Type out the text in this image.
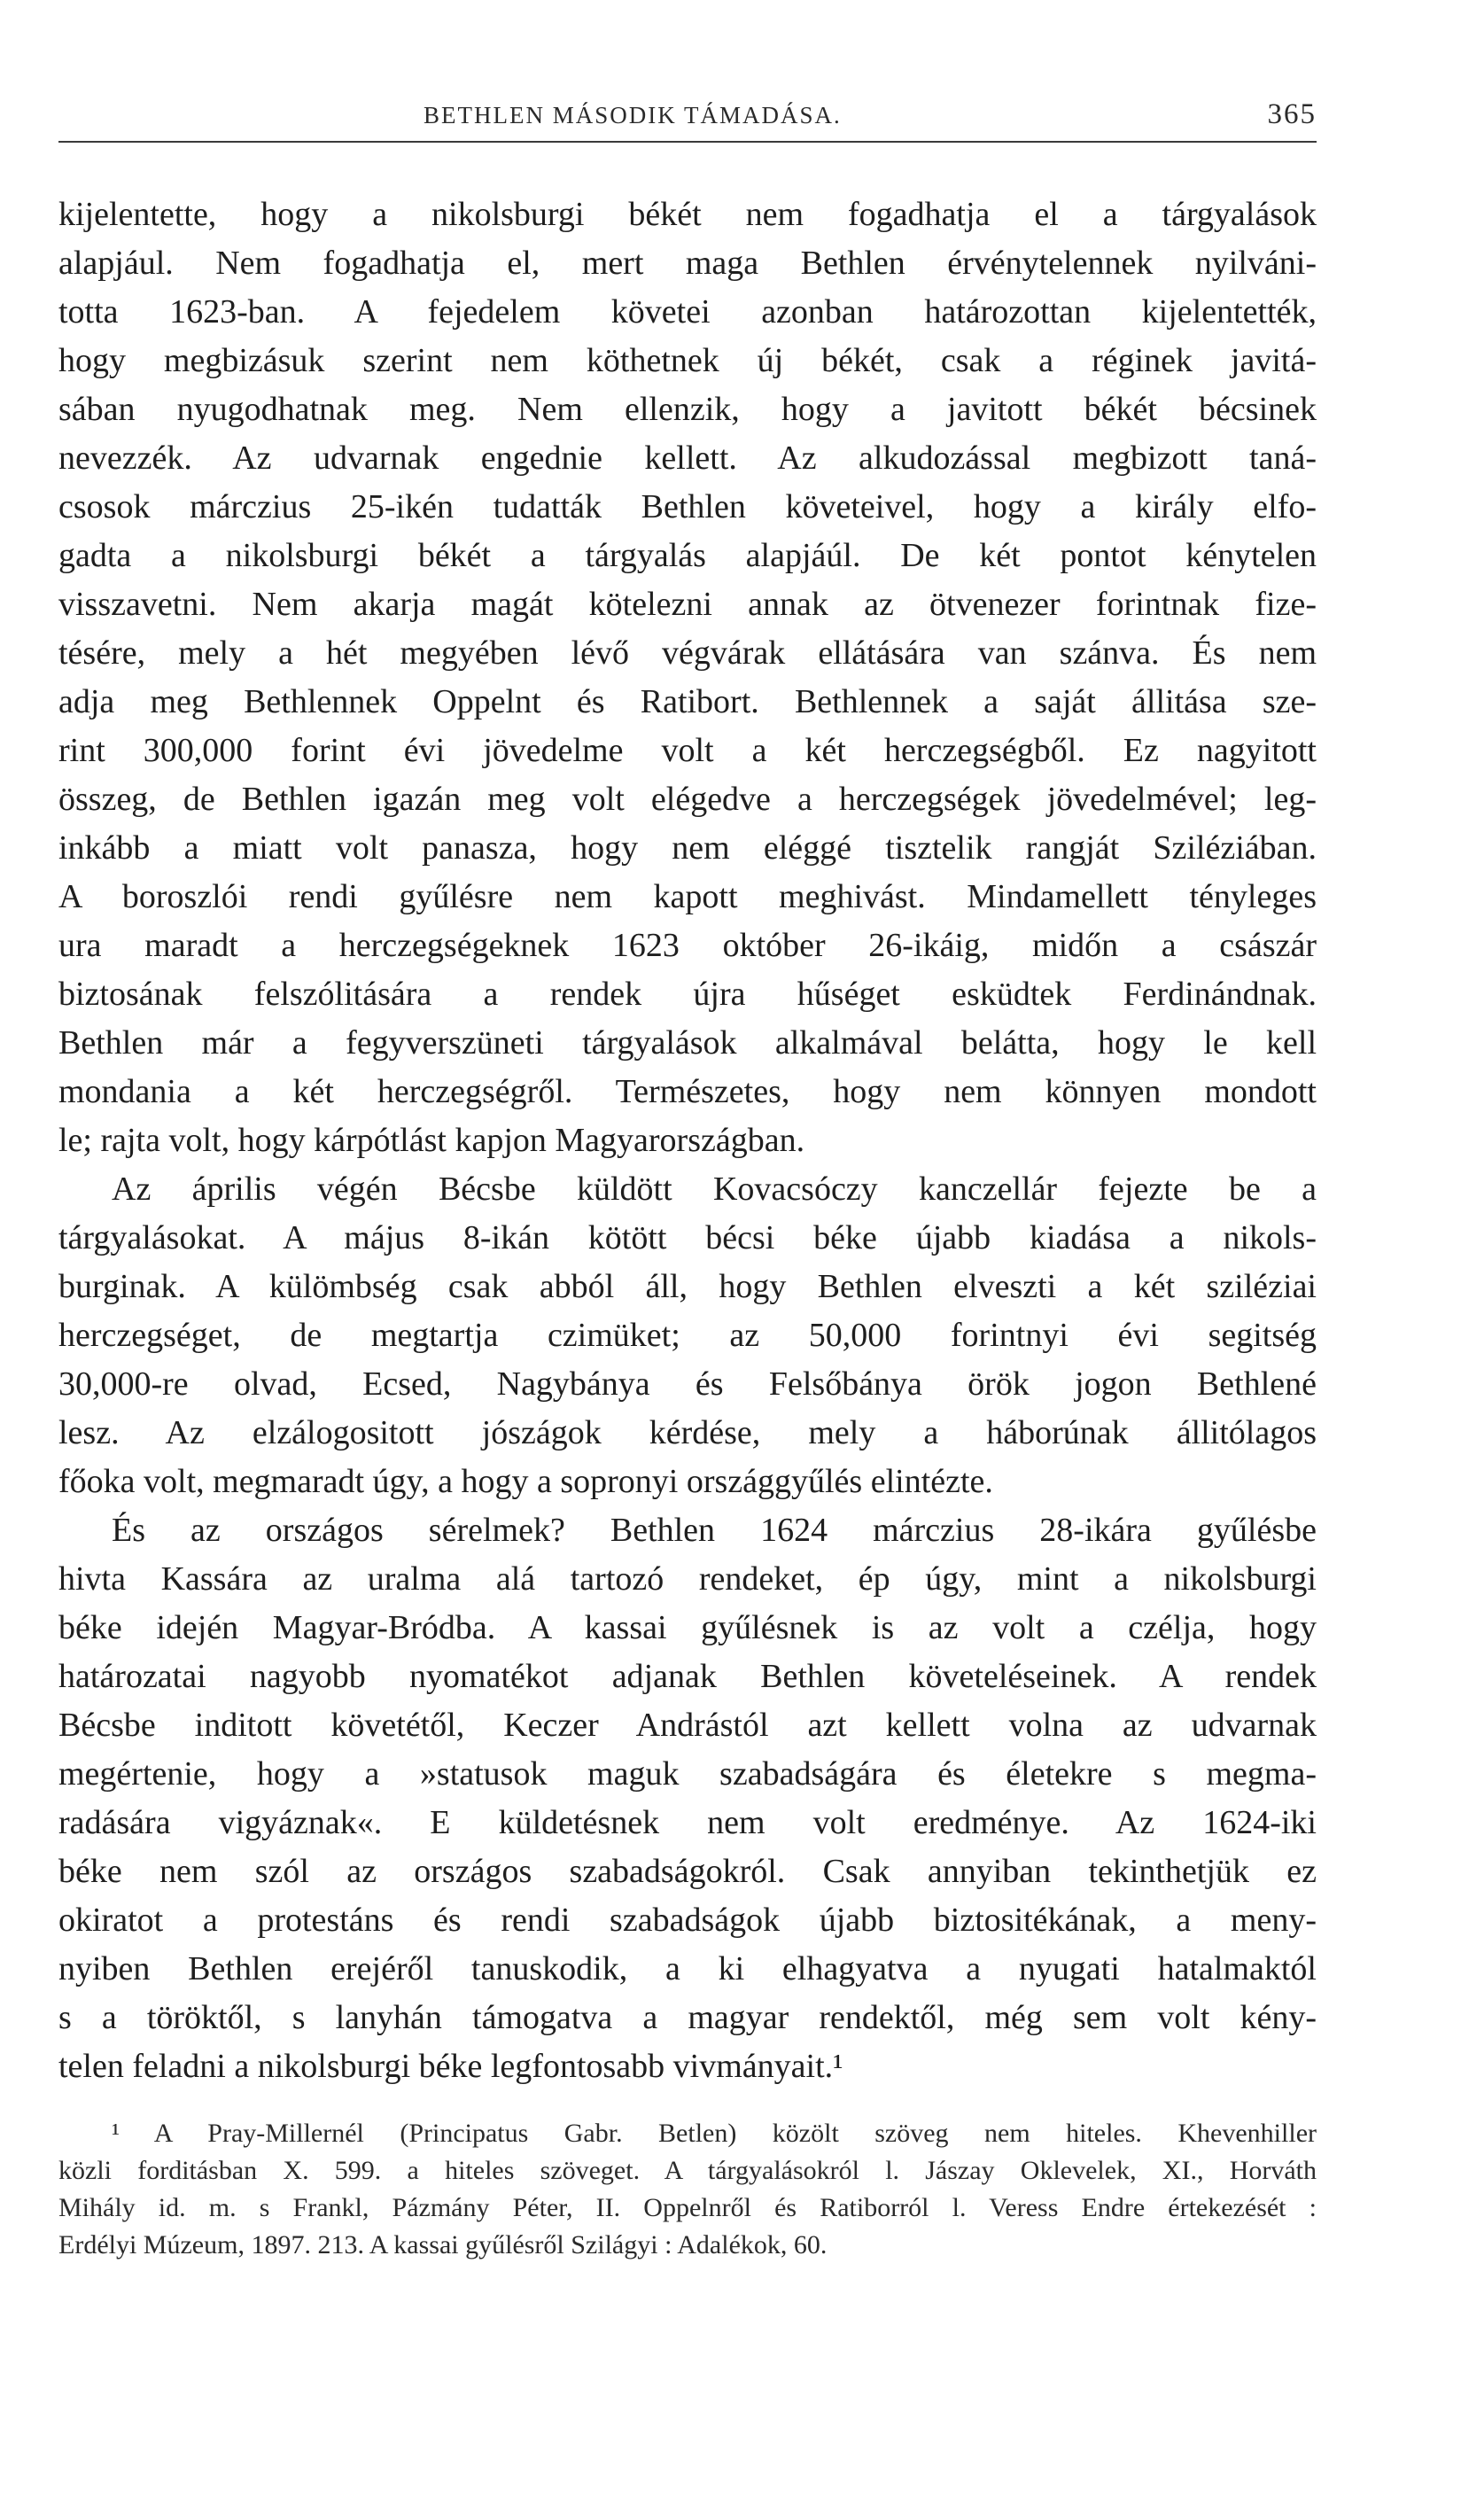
BETHLEN MÁSODIK TÁMADÁSA.	365
kijelentette, hogy a nikolsburgi békét nem fogadhatja el a tárgyalások
alapjául. Nem fogadhatja el, mert maga Bethlen érvénytelennek nyilváni-
totta 1623-ban. A fejedelem követei azonban határozottan kijelentették,
hogy megbizásuk szerint nem köthetnek új békét, csak a réginek javitá-
sában nyugodhatnak meg. Nem ellenzik, hogy a javitott békét bécsinek
nevezzék. Az udvarnak engednie kellett. Az alkudozással megbizott taná-
csosok márczius 25-ikén tudatták Bethlen követeivel, hogy a király elfo-
gadta a nikolsburgi békét a tárgyalás alapjáúl. De két pontot kénytelen
visszavetni. Nem akarja magát kötelezni annak az ötvenezer forintnak fize-
tésére, mely a hét megyében lévő végvárak ellátására van szánva. És nem
adja meg Bethlennek Oppelnt és Ratibort. Bethlennek a saját állitása sze-
rint 300,000 forint évi jövedelme volt a két herczegségből. Ez nagyitott
összeg, de Bethlen igazán meg volt elégedve a herczegségek jövedelmével; leg-
inkább a miatt volt panasza, hogy nem eléggé tisztelik rangját Sziléziában.
A boroszlói rendi gyűlésre nem kapott meghivást. Mindamellett tényleges
ura maradt a herczegségeknek 1623 október 26-ikáig, midőn a császár
biztosának felszólitására a rendek újra hűséget esküdtek Ferdinándnak.
Bethlen már a fegyverszüneti tárgyalások alkalmával belátta, hogy le kell
mondania a két herczegségről. Természetes, hogy nem könnyen mondott
le; rajta volt, hogy kárpótlást kapjon Magyarországban.
Az április végén Bécsbe küldött Kovacsóczy kanczellár fejezte be a
tárgyalásokat. A május 8-ikán kötött bécsi béke újabb kiadása a nikols-
burginak. A külömbség csak abból áll, hogy Bethlen elveszti a két sziléziai
herczegséget, de megtartja czimüket; az 50,000 forintnyi évi segitség
30,000-re olvad, Ecsed, Nagybánya és Felsőbánya örök jogon Bethlené
lesz. Az elzálogositott jószágok kérdése, mely a háborúnak állitólagos
főoka volt, megmaradt úgy, a hogy a sopronyi országgyűlés elintézte.
És az országos sérelmek? Bethlen 1624 márczius 28-ikára gyűlésbe
hivta Kassára az uralma alá tartozó rendeket, ép úgy, mint a nikolsburgi
béke idején Magyar-Bródba. A kassai gyűlésnek is az volt a czélja, hogy
határozatai nagyobb nyomatékot adjanak Bethlen követeléseinek. A rendek
Bécsbe inditott követétől, Keczer Andrástól azt kellett volna az udvarnak
megértenie, hogy a »statusok maguk szabadságára és életekre s megma-
radására vigyáznak«. E küldetésnek nem volt eredménye. Az 1624-iki
béke nem szól az országos szabadságokról. Csak annyiban tekinthetjük ez
okiratot a protestáns és rendi szabadságok újabb biztositékának, a meny-
nyiben Bethlen erejéről tanuskodik, a ki elhagyatva a nyugati hatalmaktól
s a töröktől, s lanyhán támogatva a magyar rendektől, még sem volt kény-
telen feladni a nikolsburgi béke legfontosabb vivmányait.¹
¹ A Pray-Millernél (Principatus Gabr. Betlen) közölt szöveg nem hiteles. Khevenhiller
közli forditásban X. 599. a hiteles szöveget. A tárgyalásokról l. Jászay Oklevelek, XI., Horváth
Mihály id. m. s Frankl, Pázmány Péter, II. Oppelnről és Ratiborról l. Veress Endre értekezését :
Erdélyi Múzeum, 1897. 213. A kassai gyűlésről Szilágyi : Adalékok, 60.
